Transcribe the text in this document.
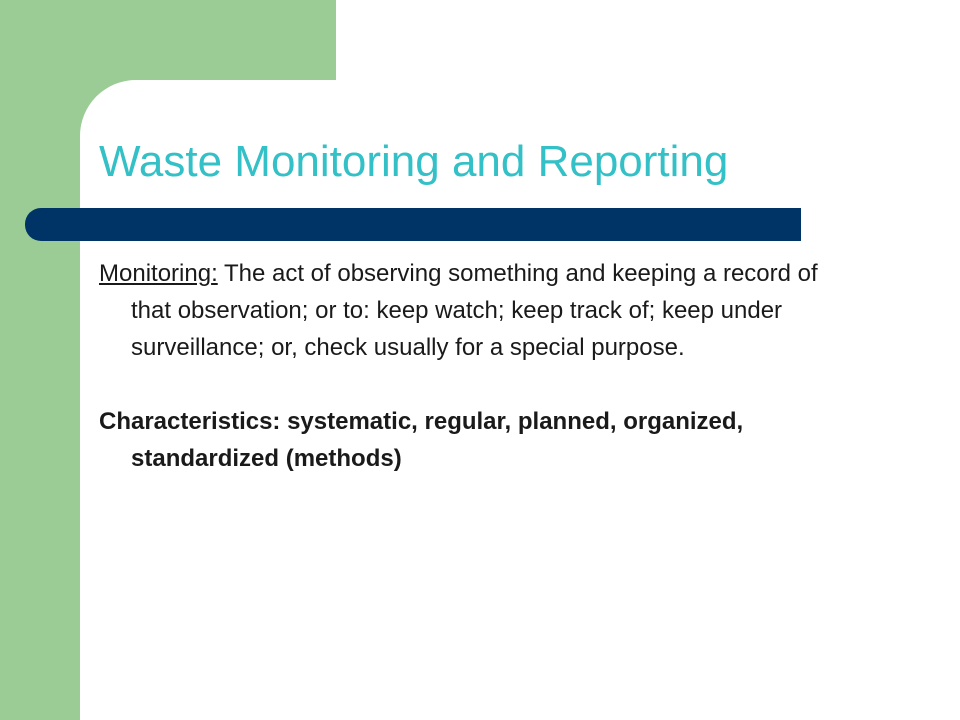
Waste Monitoring and Reporting

Monitoring: The act of observing something and keeping a record of that observation; or to: keep watch; keep track of; keep under surveillance; or, check usually for a special purpose.

Characteristics: systematic, regular, planned, organized, standardized (methods)
